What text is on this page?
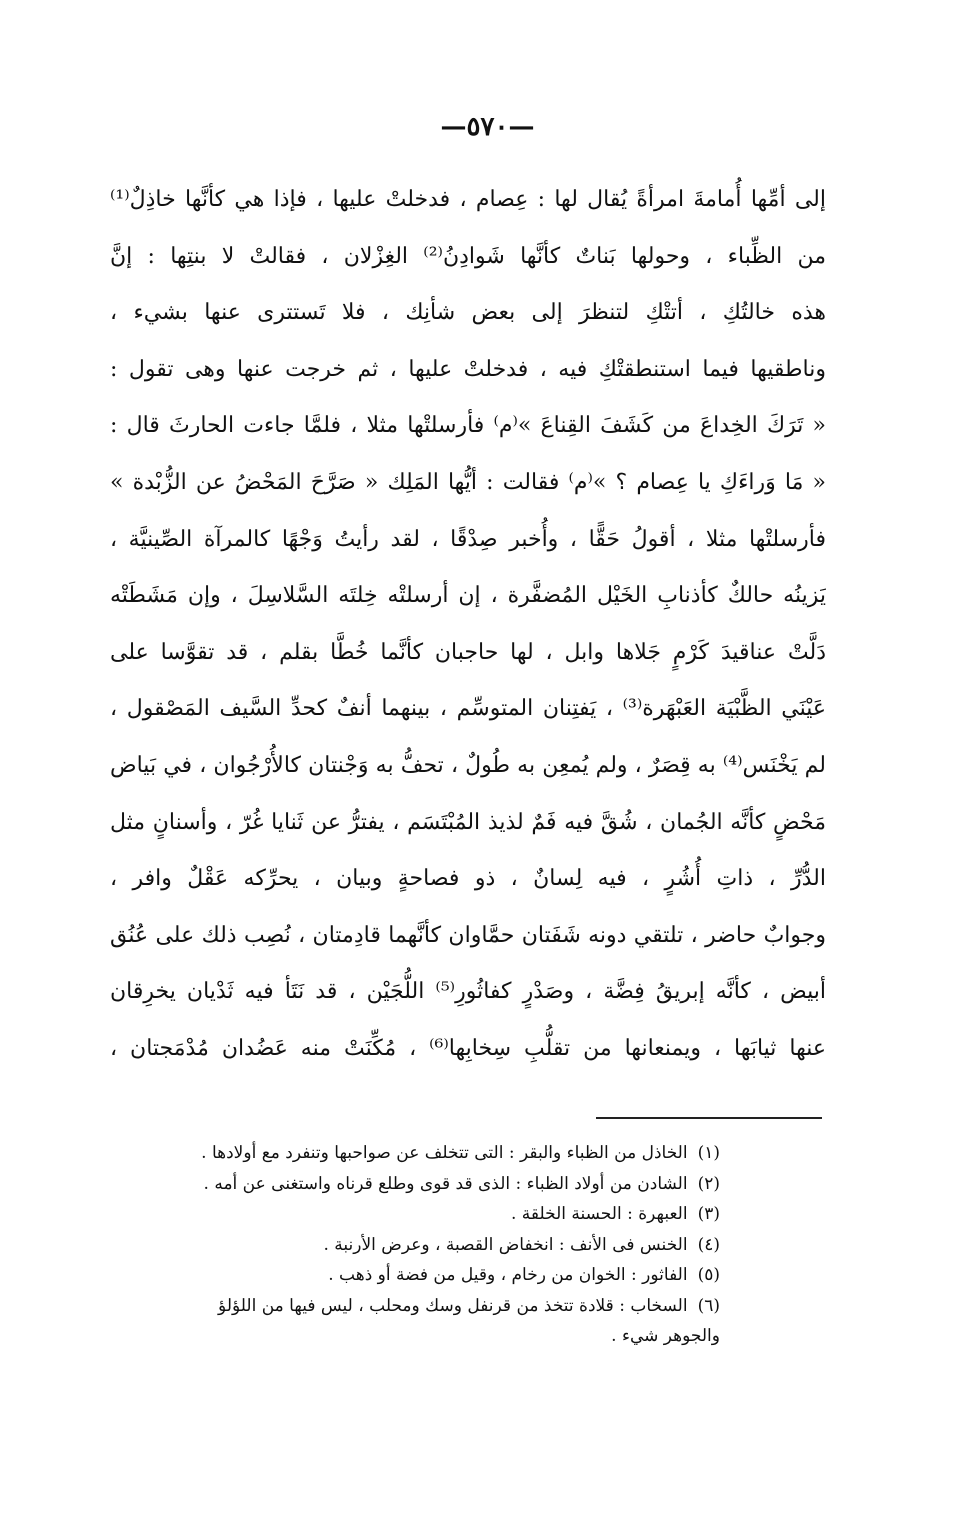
—٥٧٠—
إلى أمِّها أُمامةَ امرأةً يُقال لها : عِصام ، فدخلتْ عليها ، فإذا هي كأنَّها خاذِلٌ⁽¹⁾
من الظِّباء ، وحولها بَناتٌ كأنَّها شَوادِنُ⁽²⁾ الغِزْلان ، فقالتْ لا بنتِها : إنَّ
هذه خالتُكِ ، أتتْكِ لتنظرَ إلى بعض شأنِك ، فلا تَستترى عنها بشيء ،
وناطقيها فيما استنطقتْكِ فيه ، فدخلتْ عليها ، ثم خرجت عنها وهى تقول :
« تَرَكَ الخِداعَ من كَشَفَ القِناعَ »⁽م⁾ فأرسلتْها مثلا ، فلمَّا جاءت الحارثَ قال :
« مَا وَراءَكِ يا عِصام ؟ »⁽م⁾ فقالت : أيُّها المَلِك « صَرَّحَ المَحْضُ عن الزُّبْدة »
فأرسلتْها مثلا ، أقولُ حَقًّا ، وأُخبر صِدْقًا ، لقد رأيتُ وَجْهًا كالمرآة الصِّينيَّة ،
يَزينُه حالكٌ كأذنابِ الخَيْل المُضفَّرة ، إن أرسلتْه خِلتَه السَّلاسِلَ ، وإن مَشَطَتْه
دَلَّتْ عناقيدَ كَرْمٍ جَلاها وابل ، لها حاجبان كأنَّما خُطَّا بقلم ، قد تقوَّسا على
عَيْنَي الظَّبْيَة العَبْهَرة⁽³⁾ ، يَفتِنان المتوسِّم ، بينهما أنفٌ كحدِّ السَّيف المَصْقول ،
لم يَخْنَس⁽⁴⁾ به قِصَرٌ ، ولم يُمعِن به طُولٌ ، تحفُّ به وَجْنتان كالأُرْجُوان ، في بَياض
مَحْضٍ كأنَّه الجُمان ، شُقَّ فيه فَمٌ لذيذ المُبْتَسَم ، يفترُّ عن ثَنايا غُرّ ، وأسنانٍ مثل
الدُّرِّ ، ذاتِ أُشُرٍ ، فيه لِسانٌ ، ذو فصاحةٍ وبيان ، يحرِّكه عَقْلٌ وافر ،
وجوابٌ حاضر ، تلتقي دونه شَفَتان حمَّاوان كأنَّهما قادِمتان ، نُصِب ذلك على عُنُق
أبيض ، كأنَّه إبريقُ فِضَّة ، وصَدْرٍ كفاثُورِ⁽⁵⁾ اللُّجَيْن ، قد نَتَأ فيه ثَدْيان يخرِقان
عنها ثيابَها ، ويمنعانها من تقلُّبِ سِخابِها⁽⁶⁾ ، مُكِّنَتْ منه عَضُدان مُدْمَجتان ،
(١)الخاذل من الظباء والبقر : التى تتخلف عن صواحبها وتنفرد مع أولادها .
(٢)الشادن من أولاد الظباء : الذى قد قوى وطلع قرناه واستغنى عن أمه .
(٣)العبهرة : الحسنة الخلقة .
(٤)الخنس فى الأنف : انخفاض القصبة ، وعرض الأرنبة .
(٥)الفاثور : الخوان من رخام ، وقيل من فضة أو ذهب .
(٦)السخاب : قلادة تتخذ من قرنفل وسك ومحلب ، ليس فيها من اللؤلؤ
والجوهر شيء .
